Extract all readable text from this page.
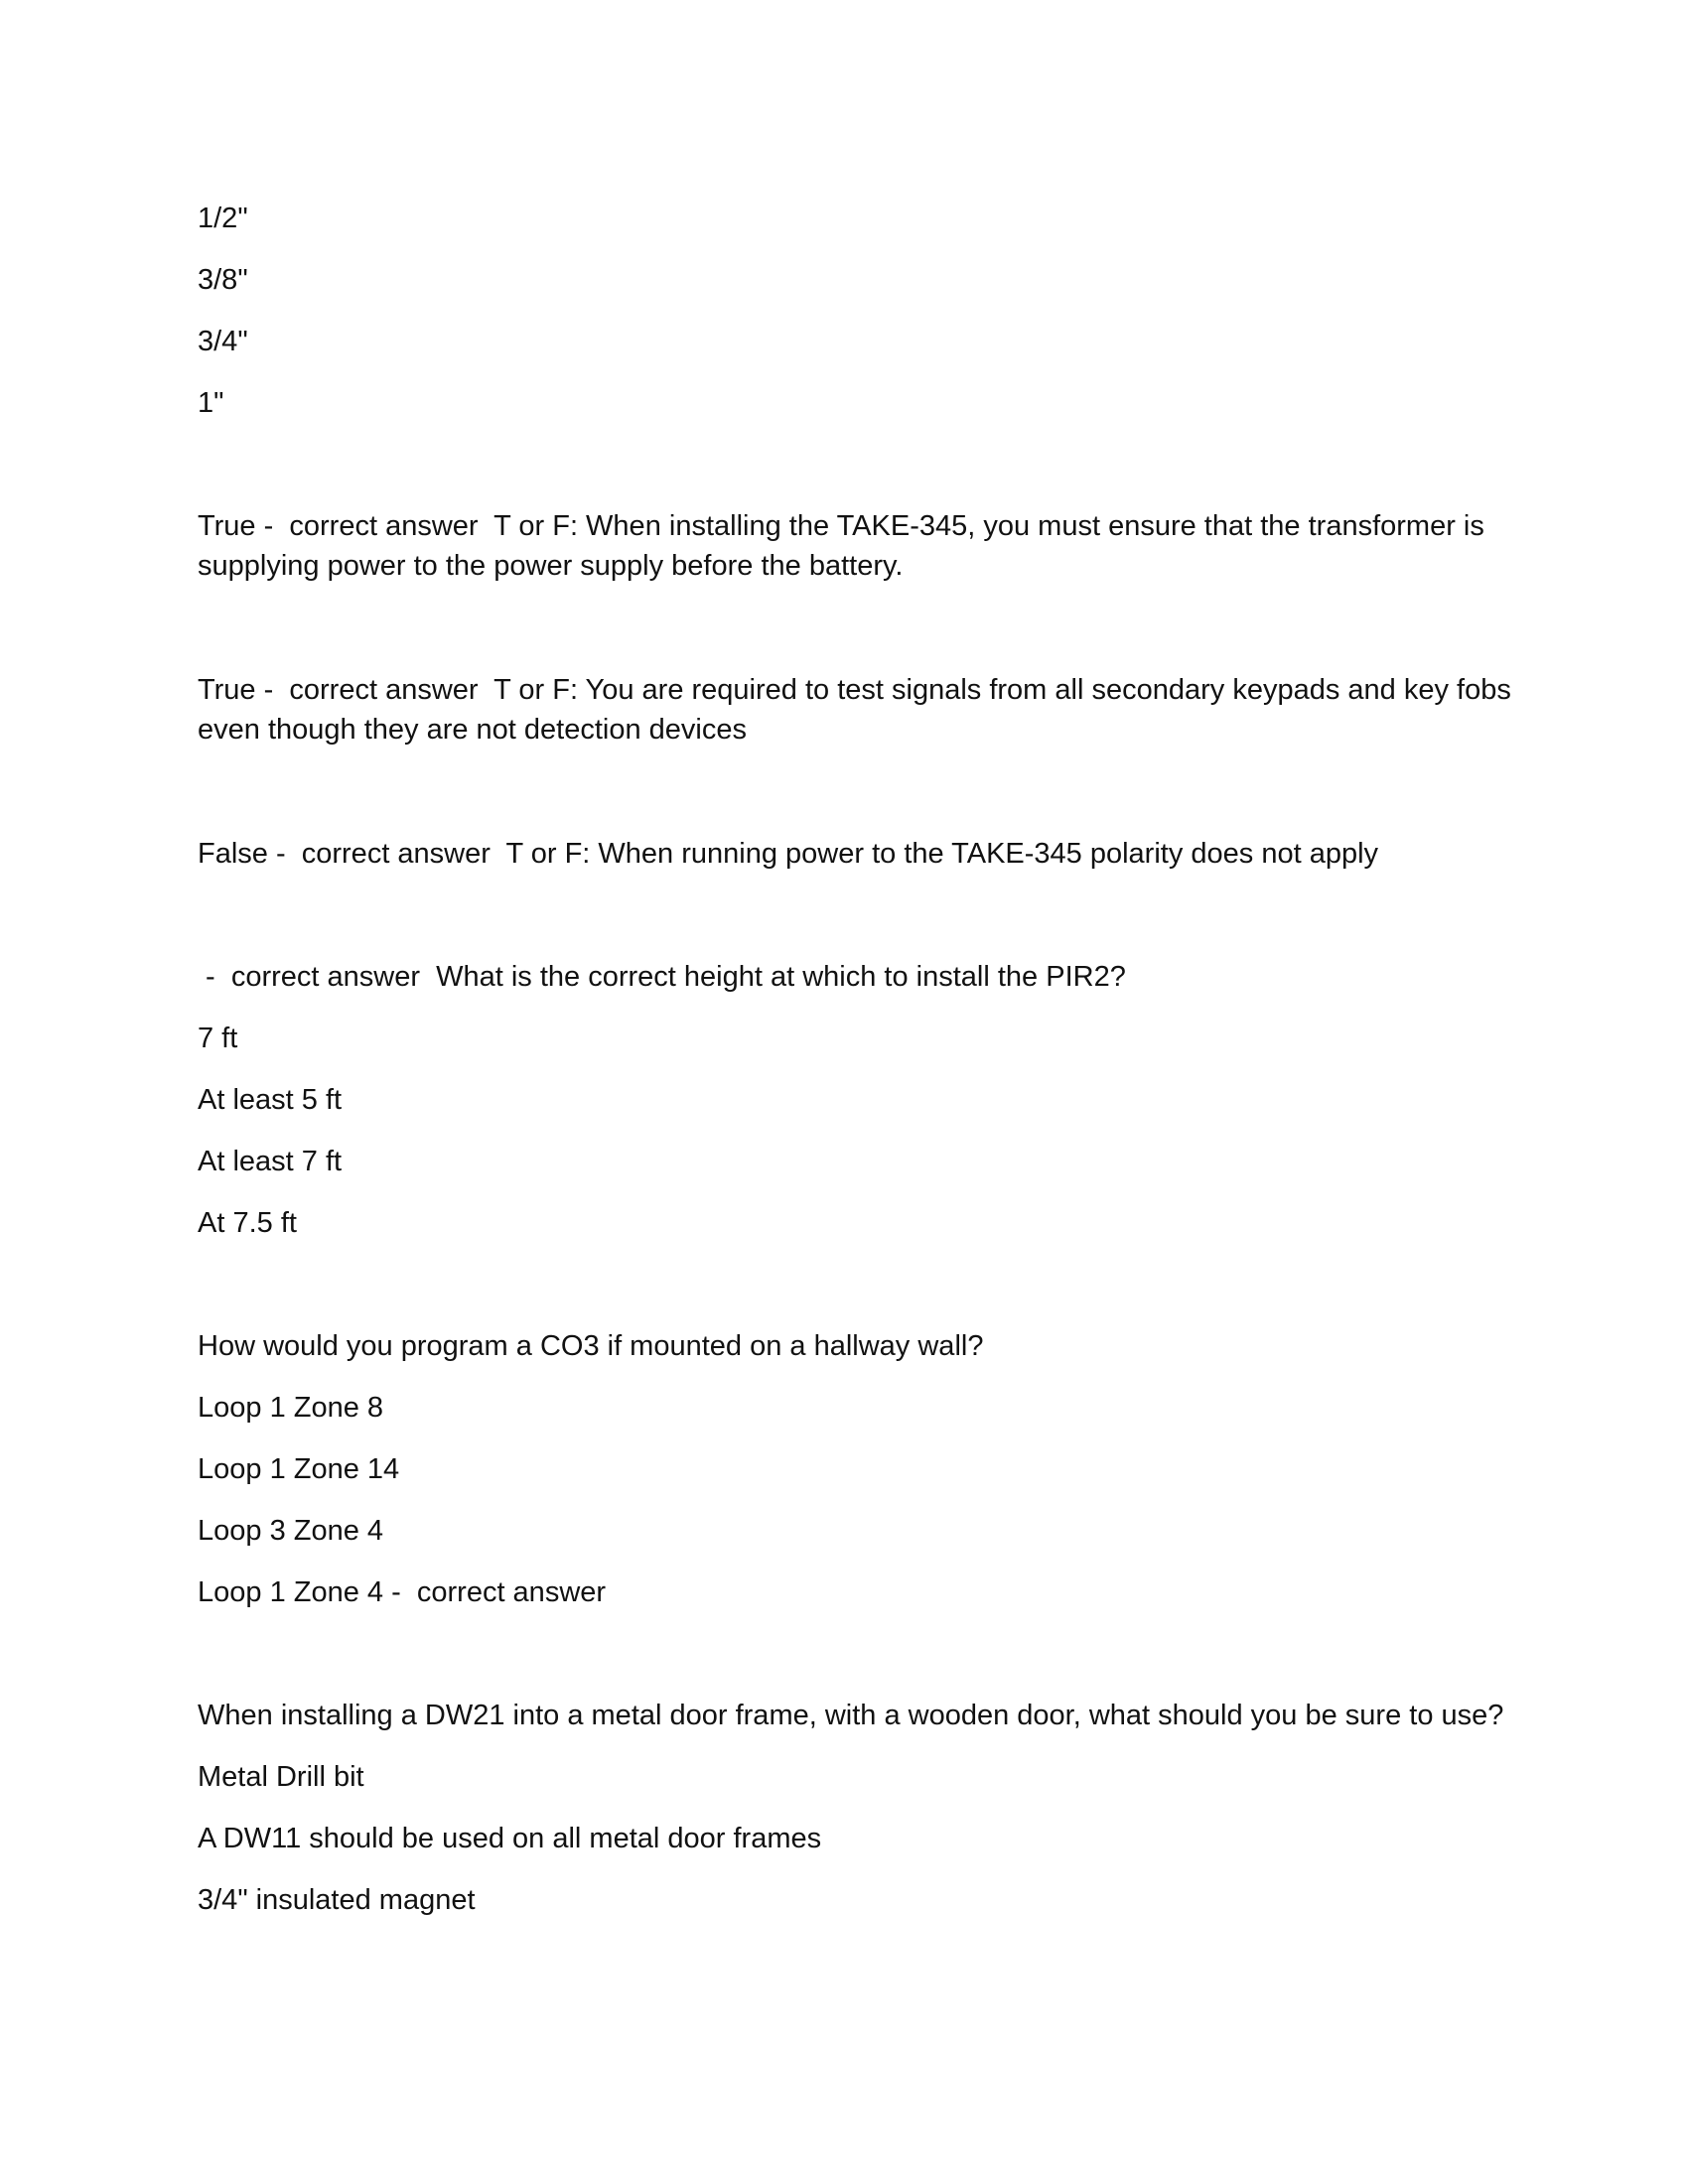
1/2"
3/8"
3/4"
1"
True -  correct answer  T or F: When installing the TAKE-345, you must ensure that the transformer is
supplying power to the power supply before the battery.
True -  correct answer  T or F: You are required to test signals from all secondary keypads and key fobs
even though they are not detection devices
False -  correct answer  T or F: When running power to the TAKE-345 polarity does not apply
-  correct answer  What is the correct height at which to install the PIR2?
7 ft
At least 5 ft
At least 7 ft
At 7.5 ft
How would you program a CO3 if mounted on a hallway wall?
Loop 1 Zone 8
Loop 1 Zone 14
Loop 3 Zone 4
Loop 1 Zone 4 -  correct answer
When installing a DW21 into a metal door frame, with a wooden door, what should you be sure to use?
Metal Drill bit
A DW11 should be used on all metal door frames
3/4" insulated magnet
